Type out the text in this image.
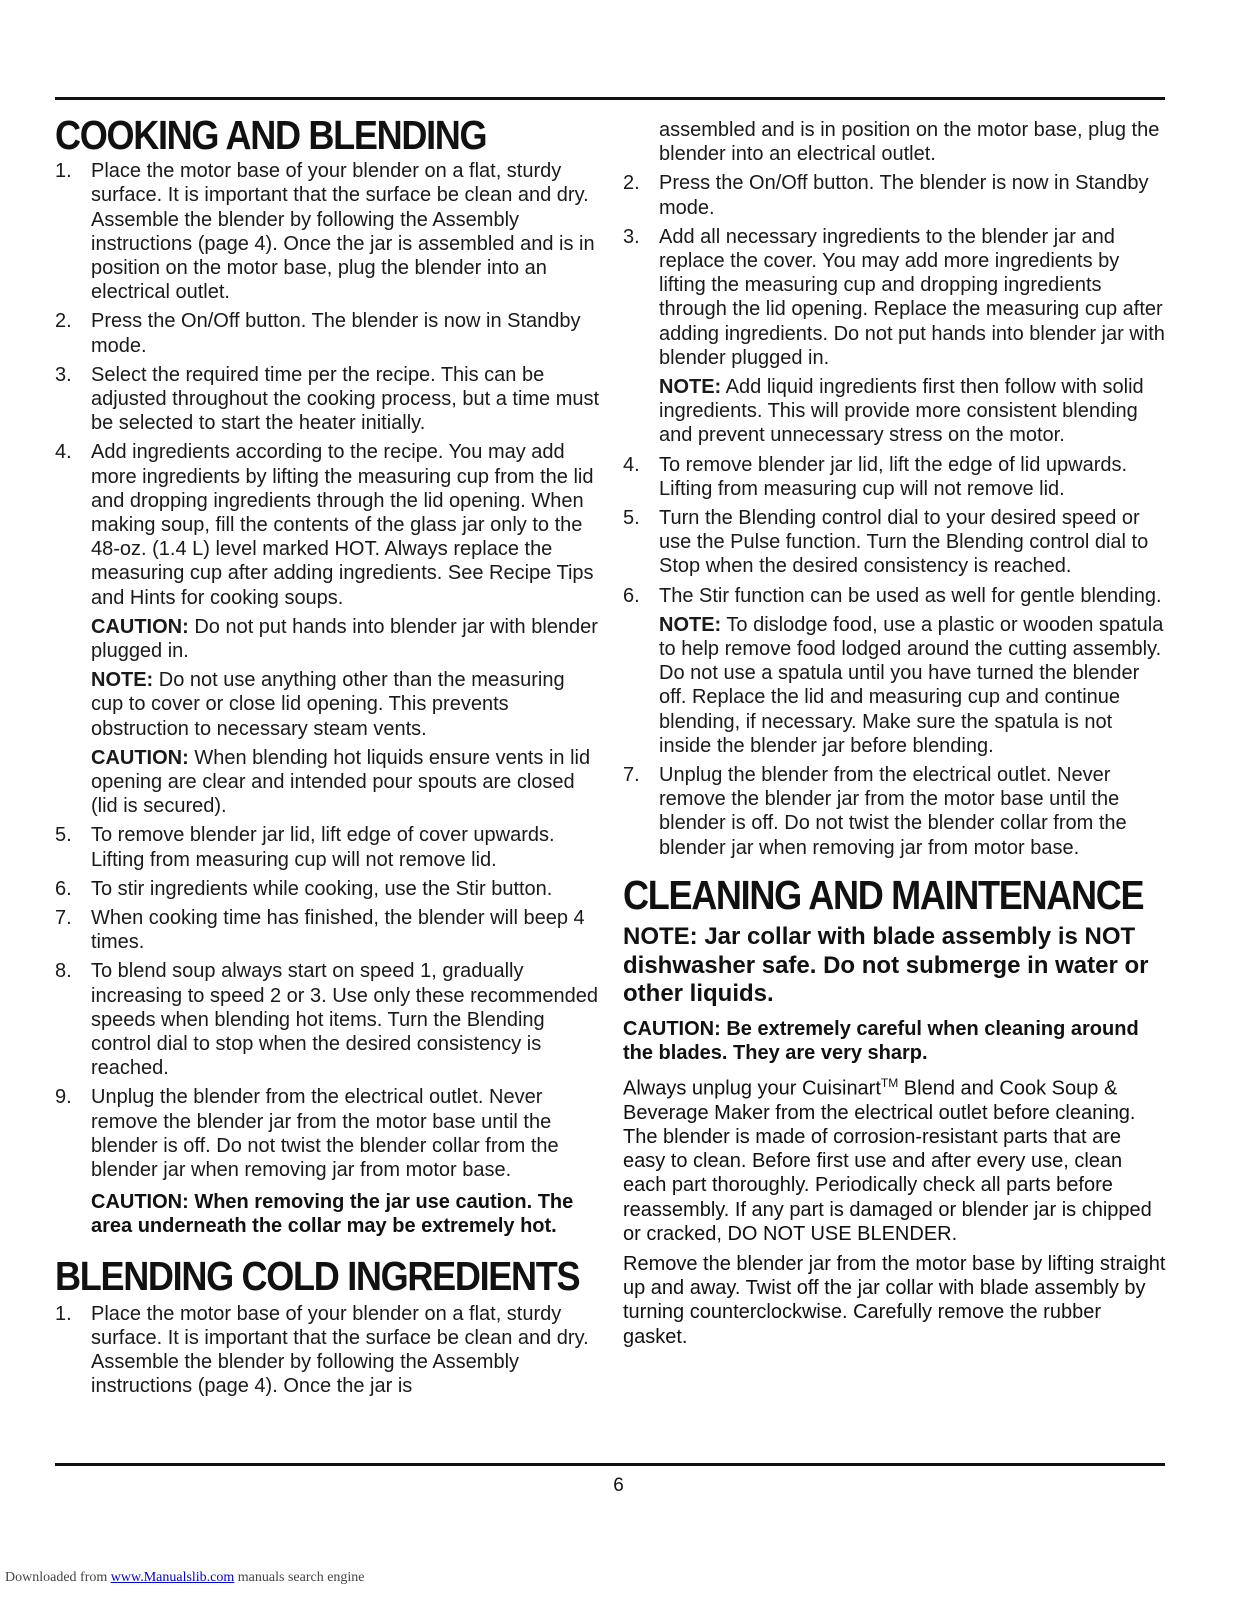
COOKING AND BLENDING
1. Place the motor base of your blender on a flat, sturdy surface. It is important that the surface be clean and dry. Assemble the blender by following the Assembly instructions (page 4). Once the jar is assembled and is in position on the motor base, plug the blender into an electrical outlet.
2. Press the On/Off button. The blender is now in Standby mode.
3. Select the required time per the recipe. This can be adjusted throughout the cooking process, but a time must be selected to start the heater initially.
4. Add ingredients according to the recipe. You may add more ingredients by lifting the measuring cup from the lid and dropping ingredients through the lid opening. When making soup, fill the contents of the glass jar only to the 48-oz. (1.4 L) level marked HOT. Always replace the measuring cup after adding ingredients. See Recipe Tips and Hints for cooking soups.
CAUTION: Do not put hands into blender jar with blender plugged in.
NOTE: Do not use anything other than the measuring cup to cover or close lid opening. This prevents obstruction to necessary steam vents.
CAUTION: When blending hot liquids ensure vents in lid opening are clear and intended pour spouts are closed (lid is secured).
5. To remove blender jar lid, lift edge of cover upwards. Lifting from measuring cup will not remove lid.
6. To stir ingredients while cooking, use the Stir button.
7. When cooking time has finished, the blender will beep 4 times.
8. To blend soup always start on speed 1, gradually increasing to speed 2 or 3. Use only these recommended speeds when blending hot items. Turn the Blending control dial to stop when the desired consistency is reached.
9. Unplug the blender from the electrical outlet. Never remove the blender jar from the motor base until the blender is off. Do not twist the blender collar from the blender jar when removing jar from motor base.
CAUTION: When removing the jar use caution. The area underneath the collar may be extremely hot.
BLENDING COLD INGREDIENTS
1. Place the motor base of your blender on a flat, sturdy surface. It is important that the surface be clean and dry. Assemble the blender by following the Assembly instructions (page 4). Once the jar is
assembled and is in position on the motor base, plug the blender into an electrical outlet.
2. Press the On/Off button. The blender is now in Standby mode.
3. Add all necessary ingredients to the blender jar and replace the cover. You may add more ingredients by lifting the measuring cup and dropping ingredients through the lid opening. Replace the measuring cup after adding ingredients. Do not put hands into blender jar with blender plugged in.
NOTE: Add liquid ingredients first then follow with solid ingredients. This will provide more consistent blending and prevent unnecessary stress on the motor.
4. To remove blender jar lid, lift the edge of lid upwards. Lifting from measuring cup will not remove lid.
5. Turn the Blending control dial to your desired speed or use the Pulse function. Turn the Blending control dial to Stop when the desired consistency is reached.
6. The Stir function can be used as well for gentle blending.
NOTE: To dislodge food, use a plastic or wooden spatula to help remove food lodged around the cutting assembly. Do not use a spatula until you have turned the blender off. Replace the lid and measuring cup and continue blending, if necessary. Make sure the spatula is not inside the blender jar before blending.
7. Unplug the blender from the electrical outlet. Never remove the blender jar from the motor base until the blender is off. Do not twist the blender collar from the blender jar when removing jar from motor base.
CLEANING AND MAINTENANCE
NOTE: Jar collar with blade assembly is NOT dishwasher safe. Do not submerge in water or other liquids.
CAUTION: Be extremely careful when cleaning around the blades. They are very sharp.
Always unplug your Cuisinart™ Blend and Cook Soup & Beverage Maker from the electrical outlet before cleaning. The blender is made of corrosion-resistant parts that are easy to clean. Before first use and after every use, clean each part thoroughly. Periodically check all parts before reassembly. If any part is damaged or blender jar is chipped or cracked, DO NOT USE BLENDER.
Remove the blender jar from the motor base by lifting straight up and away. Twist off the jar collar with blade assembly by turning counterclockwise. Carefully remove the rubber gasket.
6
Downloaded from www.Manualslib.com manuals search engine
